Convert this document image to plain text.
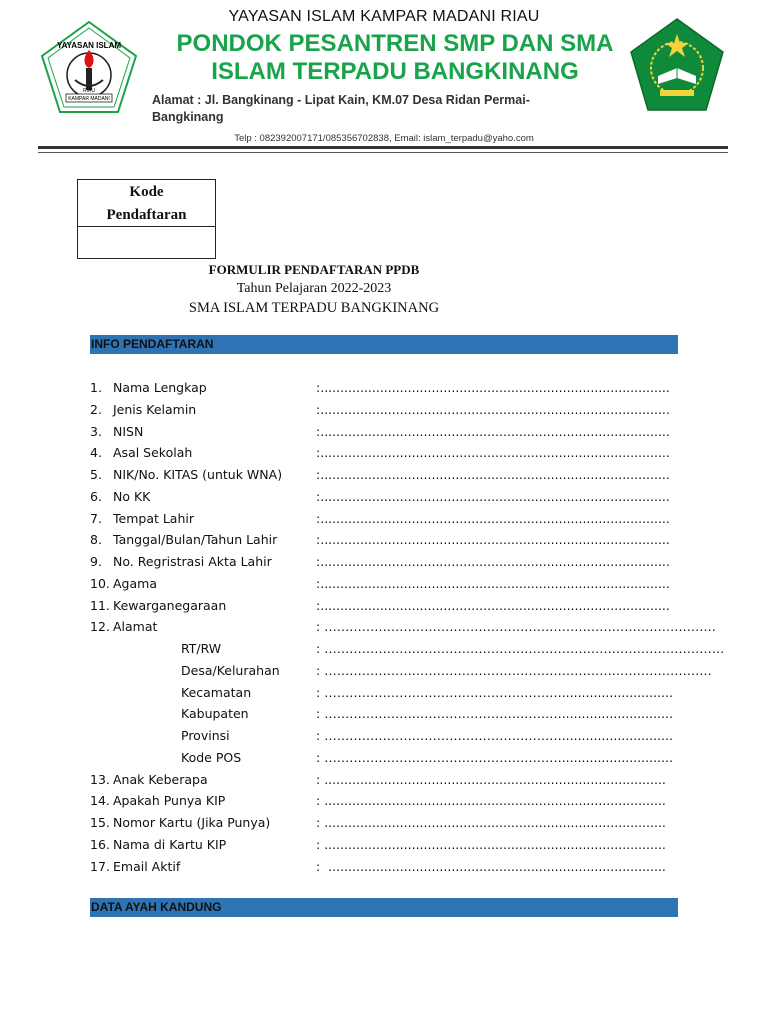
KAMPAR MADANI
YAYASAN ISLAM
RIAU
YAYASAN ISLAM KAMPAR MADANI RIAU
PONDOK PESANTREN SMP DAN SMA
ISLAM TERPADU BANGKINANG
Alamat : Jl. Bangkinang - Lipat Kain, KM.07 Desa Ridan Permai-
Bangkinang
Telp : 082392007171/085356702838, Email: islam_terpadu@yaho.com
Kode
Pendaftaran
FORMULIR PENDAFTARAN PPDB
Tahun Pelajaran 2022-2023
SMA ISLAM TERPADU BANGKINANG
INFO PENDAFTARAN
1. Nama Lengkap	:........................................................................................
2. Jenis Kelamin	:........................................................................................
3. NISN	:........................................................................................
4. Asal Sekolah	:........................................................................................
5. NIK/No. KITAS (untuk WNA)	:........................................................................................
6. No KK	:........................................................................................
7. Tempat Lahir	:........................................................................................
8. Tanggal/Bulan/Tahun Lahir	:........................................................................................
9. No. Regristrasi Akta Lahir	:........................................................................................
10. Agama	:........................................................................................
11. Kewarganegaraan	:........................................................................................
12. Alamat	: ………………………………………………………………………………….
RT/RW	: ……………………………………………………………………………………
Desa/Kelurahan	: …………………………………………………………………………………
Kecamatan	: …………………………………………………............................
Kabupaten	: …………………………………………………............................
Provinsi	: …………………………………………………............................
Kode POS	: …………………………………………………............................
13. Anak Keberapa	: ......................................................................................
14. Apakah Punya KIP	: ......................................................................................
15. Nomor Kartu (Jika Punya)	: ......................................................................................
16. Nama di Kartu KIP	: ......................................................................................
17. Email Aktif	:  .....................................................................................
DATA AYAH KANDUNG
